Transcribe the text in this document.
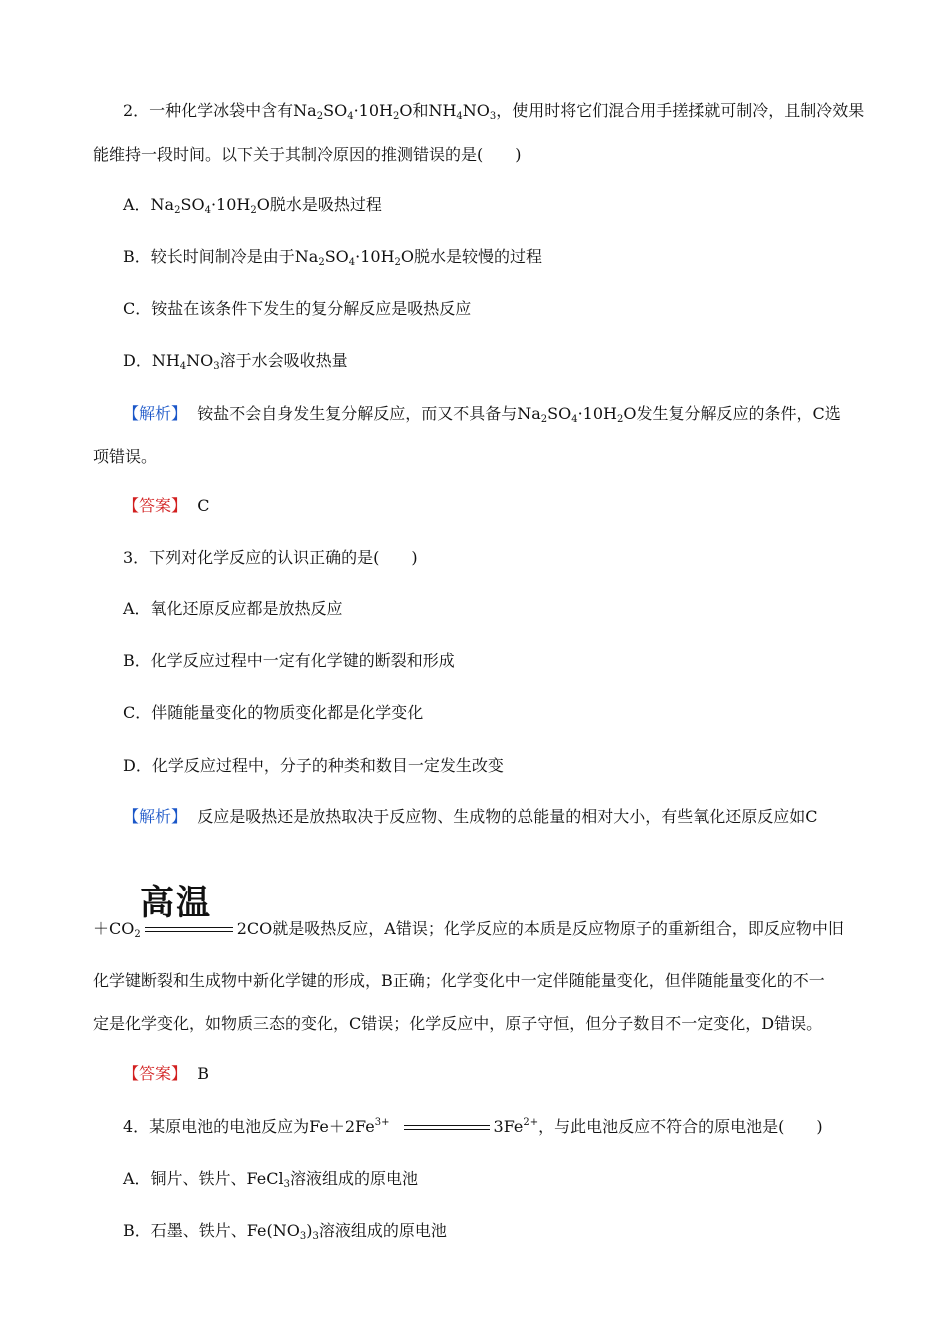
2．一种化学冰袋中含有$Na_2SO_4\cdot 10H_2O$和$NH_4NO_3$，使用时将它们混合用手搓揉就可制冷，且制冷效果
能维持一段时间。以下关于其制冷原因的推测错误的是(　　)
A．$Na_2SO_4\cdot 10H_2O$脱水是吸热过程
B．较长时间制冷是由于$Na_2SO_4\cdot 10H_2O$脱水是较慢的过程
C．铵盐在该条件下发生的复分解反应是吸热反应
D．$NH_4NO_3$溶于水会吸收热量
【解析】 铵盐不会自身发生复分解反应，而又不具备与$Na_2SO_4\cdot 10H_2O$发生复分解反应的条件，C选
项错误。
【答案】 C
3．下列对化学反应的认识正确的是(　　)
A．氧化还原反应都是放热反应
B．化学反应过程中一定有化学键的断裂和形成
C．伴随能量变化的物质变化都是化学变化
D．化学反应过程中，分子的种类和数目一定发生改变
【解析】 反应是吸热还是放热取决于反应物、生成物的总能量的相对大小，有些氧化还原反应如C
高温
$+CO_2$	2CO就是吸热反应，A错误；化学反应的本质是反应物原子的重新组合，即反应物中旧
化学键断裂和生成物中新化学键的形成，B正确；化学变化中一定伴随能量变化，但伴随能量变化的不一
定是化学变化，如物质三态的变化，C错误；化学反应中，原子守恒，但分子数目不一定变化，D错误。
【答案】 B
4．某原电池的电池反应为$Fe+2Fe^{3+}$	$3Fe^{2+}$，与此电池反应不符合的原电池是(　　)
A．铜片、铁片、FeCl$_3$溶液组成的原电池
B．石墨、铁片、$Fe(NO_3)_3$溶液组成的原电池
